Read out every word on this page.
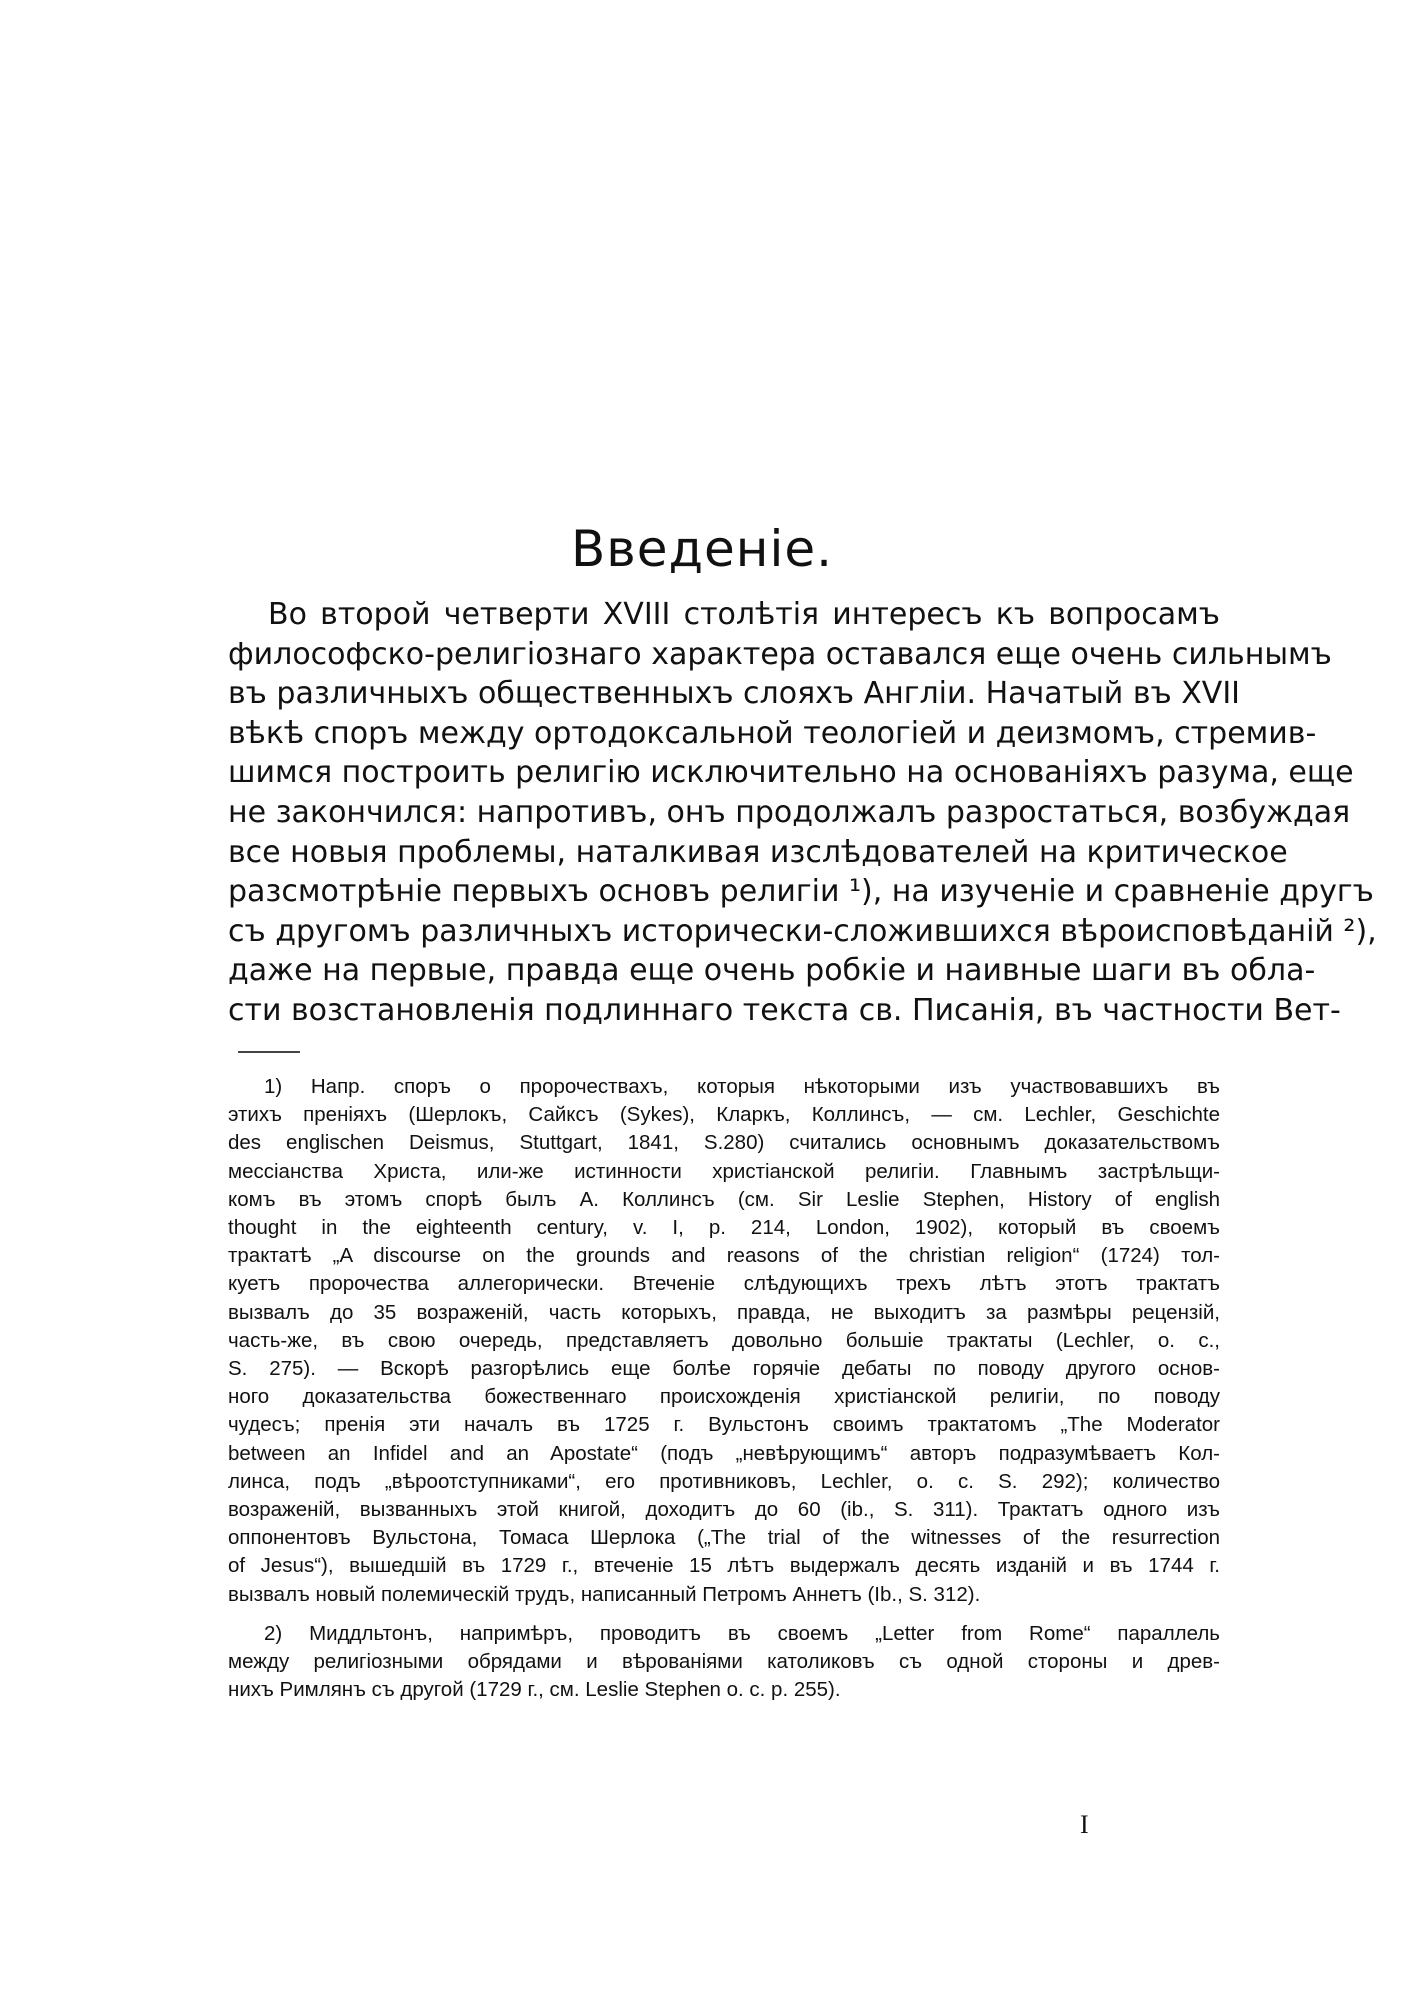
Введенiе.
Во второй четверти XVIII столѣтiя интересъ къ вопросамъ
философско-религiознаго характера оставался еще очень сильнымъ
въ различныхъ общественныхъ слояхъ Англiи. Начатый въ XVII
вѣкѣ споръ между ортодоксальной теологiей и деизмомъ, стремив-
шимся построить религiю исключительно на основанiяхъ разума, еще
не закончился: напротивъ, онъ продолжалъ разростаться, возбуждая
все новыя проблемы, наталкивая изслѣдователей на критическое
разсмотрѣнiе первыхъ основъ религiи ¹), на изученiе и сравненiе другъ
съ другомъ различныхъ исторически-сложившихся вѣроисповѣданiй ²),
даже на первые, правда еще очень робкiе и наивные шаги въ обла-
сти возстановленiя подлиннаго текста св. Писанiя, въ частности Вет-
1) Напр. споръ о пророчествахъ, которыя нѣкоторыми изъ участвовавшихъ въ
этихъ пренiяхъ (Шерлокъ, Сайксъ (Sykes), Кларкъ, Коллинсъ, — см. Lechler, Geschichte
des englischen Deismus, Stuttgart, 1841, S.280) считались основнымъ доказательствомъ
мессiанства Христа, или-же истинности христiанской религiи. Главнымъ застрѣльщи-
комъ въ этомъ спорѣ былъ А. Коллинсъ (см. Sir Leslie Stephen, History of english
thought in the eighteenth century, v. I, p. 214, London, 1902), который въ своемъ
трактатѣ „A discourse on the grounds and reasons of the christian religion“ (1724) тол-
куетъ пророчества аллегорически. Втеченiе слѣдующихъ трехъ лѣтъ этотъ трактатъ
вызвалъ до 35 возраженiй, часть которыхъ, правда, не выходитъ за размѣры рецензiй,
часть-же, въ свою очередь, представляетъ довольно большiе трактаты (Lechler, o. c.,
S. 275). — Вскорѣ разгорѣлись еще болѣе горячiе дебаты по поводу другого основ-
ного доказательства божественнаго происхожденiя христiанской религiи, по поводу
чудесъ; пренiя эти началъ въ 1725 г. Вульстонъ своимъ трактатомъ „The Moderator
between an Infidel and an Apostate“ (подъ „невѣрующимъ“ авторъ подразумѣваетъ Кол-
линса, подъ „вѣроотступниками“, его противниковъ, Lechler, o. c. S. 292); количество
возраженiй, вызванныхъ этой книгой, доходитъ до 60 (ib., S. 311). Трактатъ одного изъ
оппонентовъ Вульстона, Томаса Шерлока („The trial of the witnesses of the resurrection
of Jesus“), вышедшiй въ 1729 г., втеченiе 15 лѣтъ выдержалъ десять изданiй и въ 1744 г.
вызвалъ новый полемическiй трудъ, написанный Петромъ Аннетъ (Ib., S. 312).
2) Миддльтонъ, напримѣръ, проводитъ въ своемъ „Letter from Rome“ параллель
между религiозными обрядами и вѣрованiями католиковъ съ одной стороны и древ-
нихъ Римлянъ съ другой (1729 г., см. Leslie Stephen o. c. p. 255).
I
